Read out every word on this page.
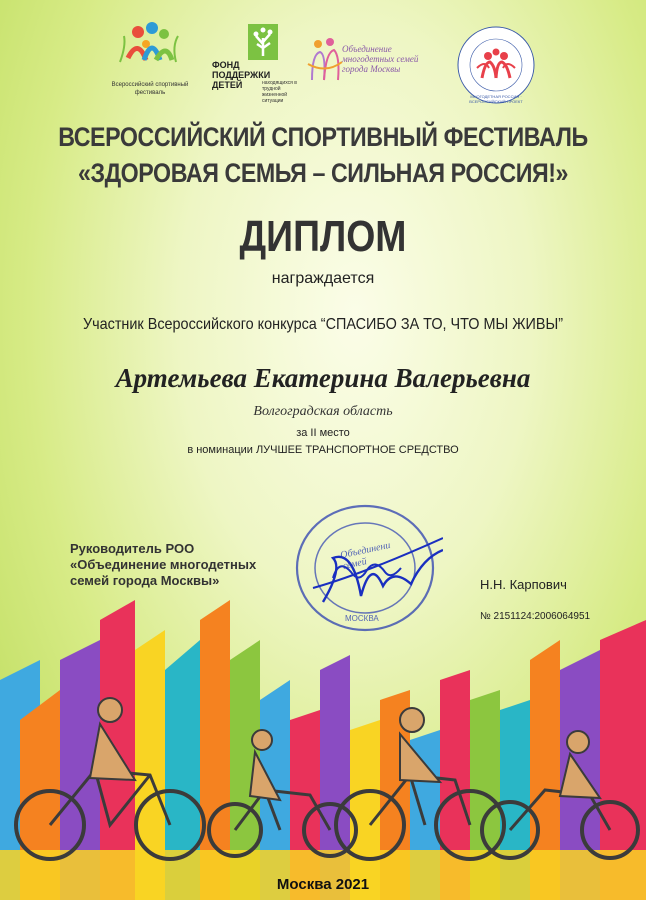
Всероссийский спортивный фестиваль
ФОНД ПОДДЕРЖКИ ДЕТЕЙ	находящихся в трудной жизненной ситуации
Объединение многодетных семей города Москвы
МНОГОДЕТНАЯ РОССИЯ · ВСЕРОССИЙСКИЙ ПРОЕКТ
ВСЕРОССИЙСКИЙ СПОРТИВНЫЙ ФЕСТИВАЛЬ
«ЗДОРОВАЯ СЕМЬЯ – СИЛЬНАЯ РОССИЯ!»
ДИПЛОМ
награждается
Участник Всероссийского конкурса “СПАСИБО ЗА ТО, ЧТО МЫ ЖИВЫ”
Артемьева Екатерина Валерьевна
Волгоградская область
за II место
в номинации ЛУЧШЕЕ ТРАНСПОРТНОЕ СРЕДСТВО
Руководитель РОО
«Объединение многодетных
семей города Москвы»
Объединени семей
МОСКВА
Н.Н. Карпович
№ 2151124:2006064951
Москва 2021
